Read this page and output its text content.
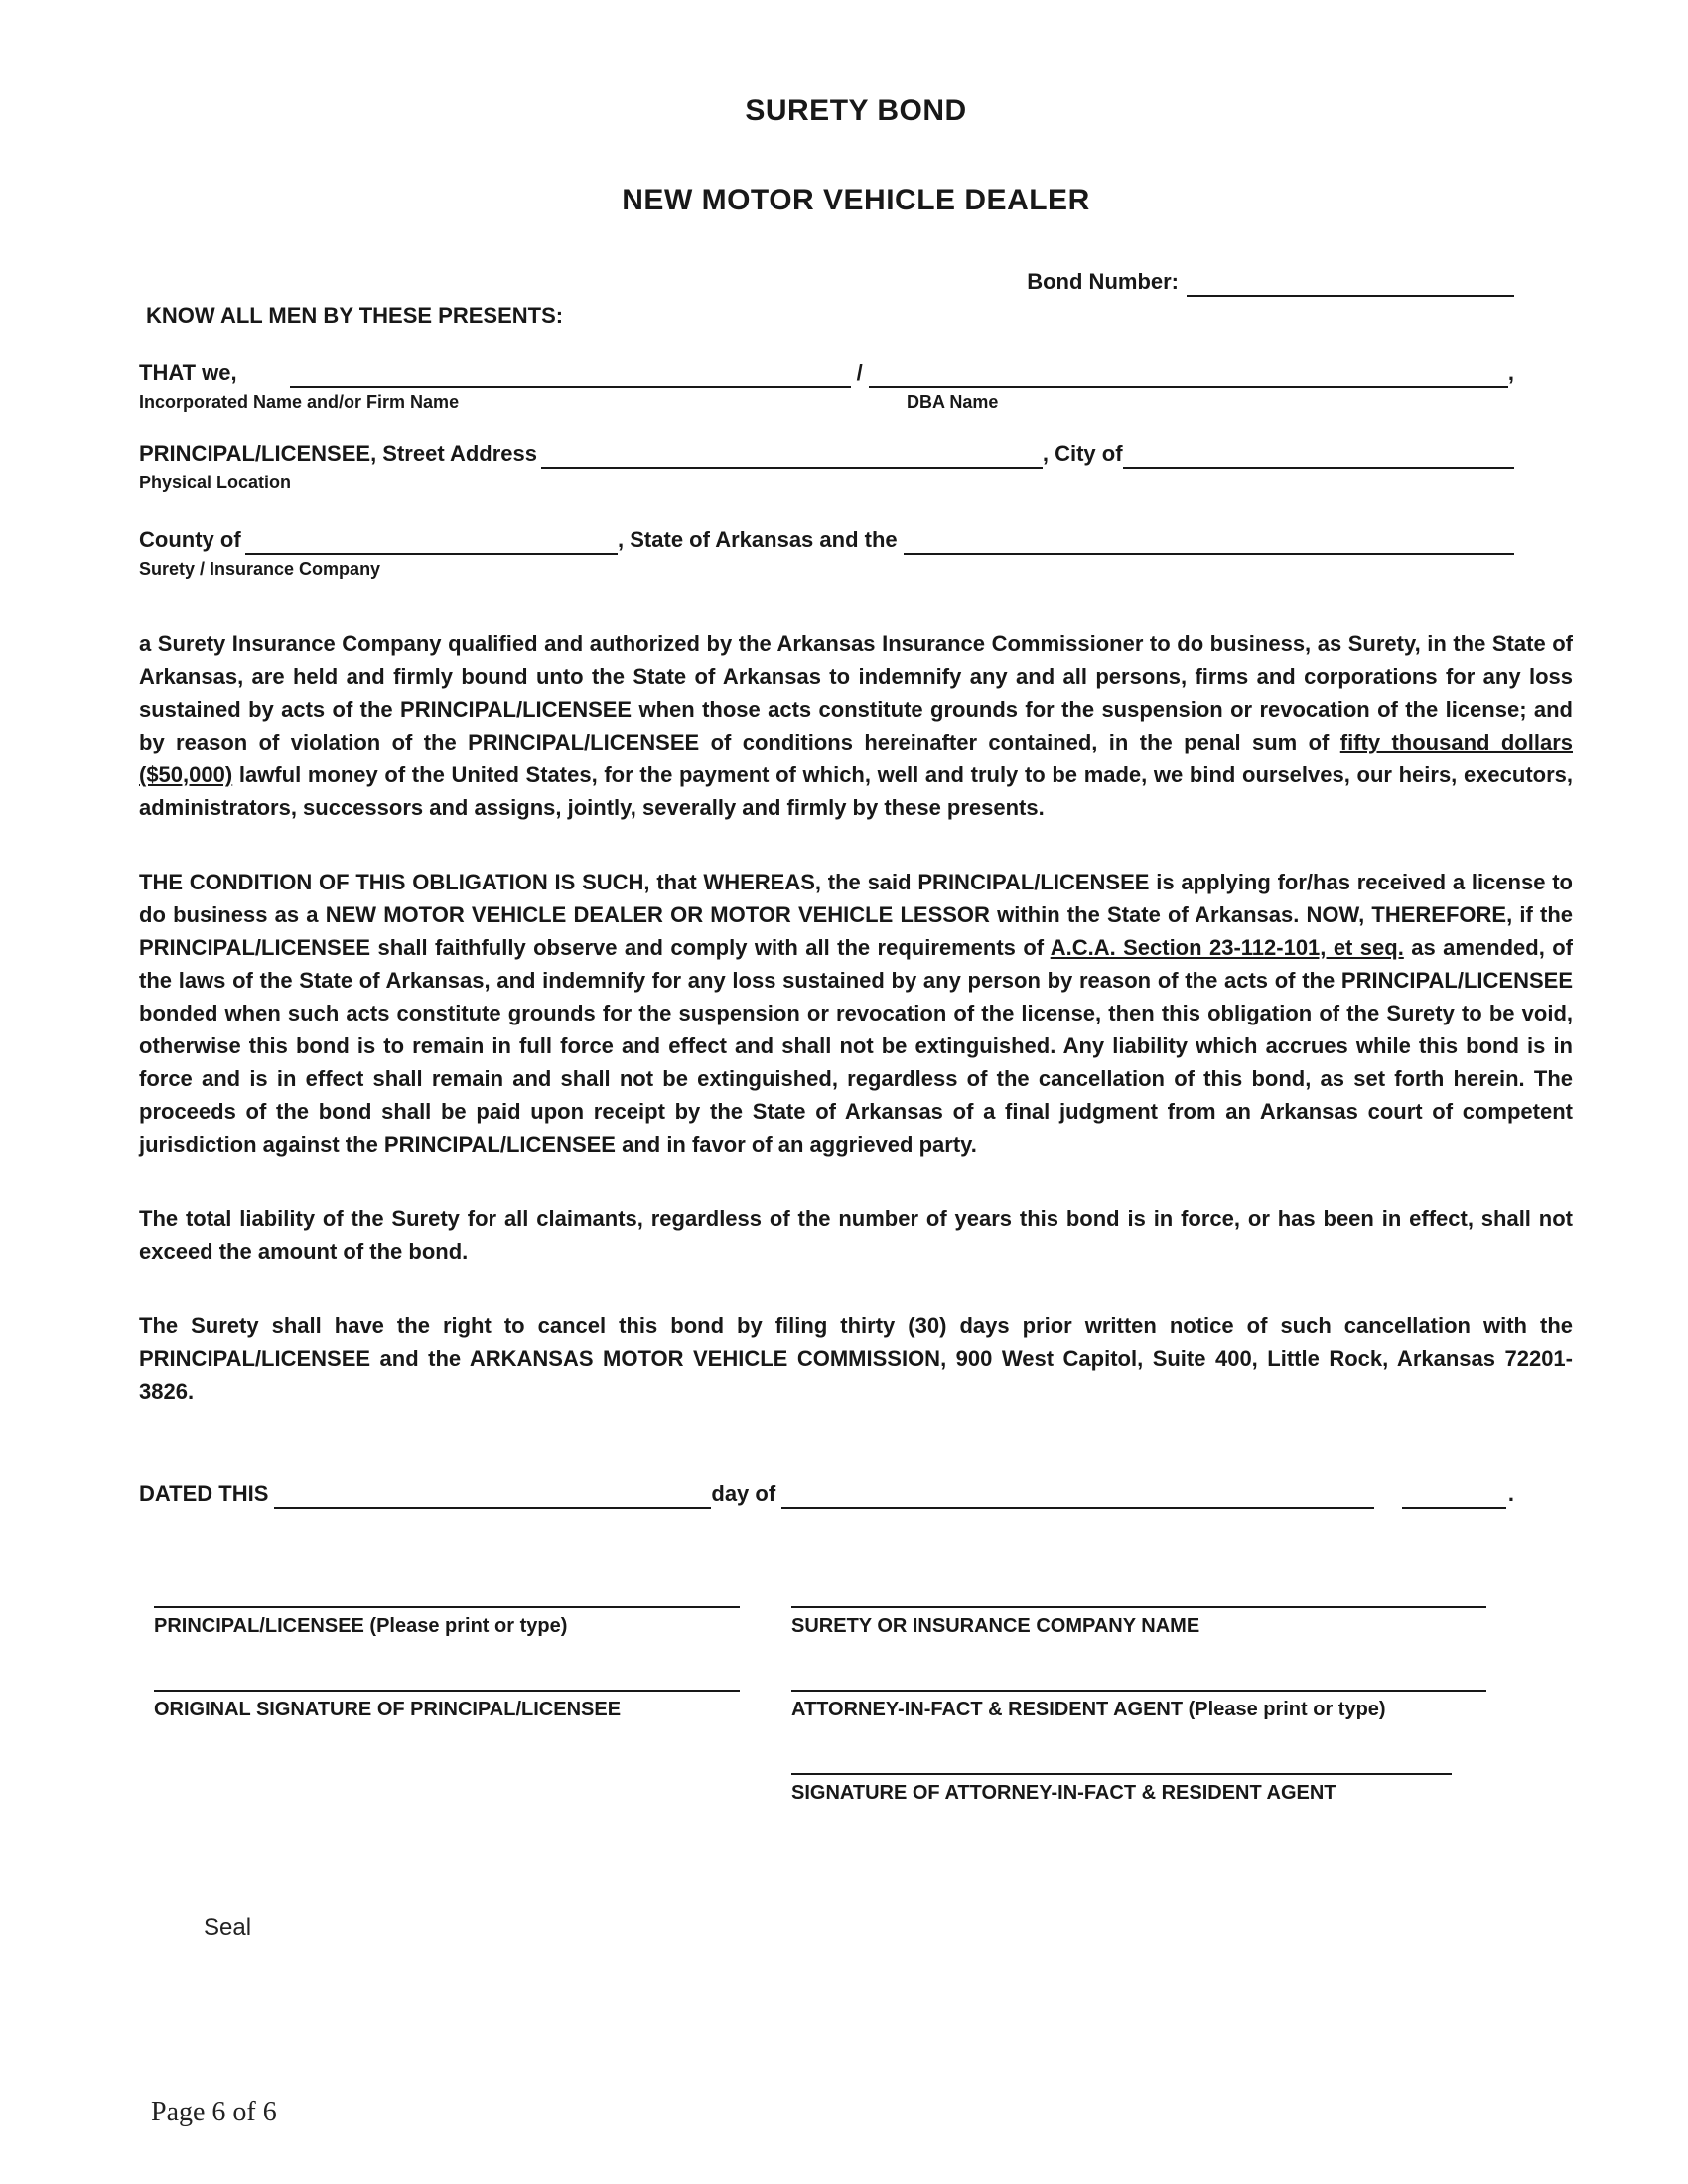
SURETY BOND
NEW MOTOR VEHICLE DEALER
Bond Number:
KNOW ALL MEN BY THESE PRESENTS:
THAT we,	/	,
Incorporated Name and/or Firm Name	DBA Name
PRINCIPAL/LICENSEE, Street Address	, City of
Physical Location
County of	, State of Arkansas and the
Surety / Insurance Company

a Surety Insurance Company qualified and authorized by the Arkansas Insurance Commissioner to do business, as Surety, in the State of Arkansas, are held and firmly bound unto the State of Arkansas to indemnify any and all persons, firms and corporations for any loss sustained by acts of the PRINCIPAL/LICENSEE when those acts constitute grounds for the suspension or revocation of the license; and by reason of violation of the PRINCIPAL/LICENSEE of conditions hereinafter contained, in the penal sum of fifty thousand dollars ($50,000) lawful money of the United States, for the payment of which, well and truly to be made, we bind ourselves, our heirs, executors, administrators, successors and assigns, jointly, severally and firmly by these presents.

THE CONDITION OF THIS OBLIGATION IS SUCH, that WHEREAS, the said PRINCIPAL/LICENSEE is applying for/has received a license to do business as a NEW MOTOR VEHICLE DEALER OR MOTOR VEHICLE LESSOR within the State of Arkansas. NOW, THEREFORE, if the PRINCIPAL/LICENSEE shall faithfully observe and comply with all the requirements of A.C.A. Section 23-112-101, et seq. as amended, of the laws of the State of Arkansas, and indemnify for any loss sustained by any person by reason of the acts of the PRINCIPAL/LICENSEE bonded when such acts constitute grounds for the suspension or revocation of the license, then this obligation of the Surety to be void, otherwise this bond is to remain in full force and effect and shall not be extinguished. Any liability which accrues while this bond is in force and is in effect shall remain and shall not be extinguished, regardless of the cancellation of this bond, as set forth herein. The proceeds of the bond shall be paid upon receipt by the State of Arkansas of a final judgment from an Arkansas court of competent jurisdiction against the PRINCIPAL/LICENSEE and in favor of an aggrieved party.

The total liability of the Surety for all claimants, regardless of the number of years this bond is in force, or has been in effect, shall not exceed the amount of the bond.

The Surety shall have the right to cancel this bond by filing thirty (30) days prior written notice of such cancellation with the PRINCIPAL/LICENSEE and the ARKANSAS MOTOR VEHICLE COMMISSION, 900 West Capitol, Suite 400, Little Rock, Arkansas 72201-3826.

DATED THIS	day of	.
PRINCIPAL/LICENSEE (Please print or type)
ORIGINAL SIGNATURE OF PRINCIPAL/LICENSEE
SURETY OR INSURANCE COMPANY NAME
ATTORNEY-IN-FACT & RESIDENT AGENT (Please print or type)
SIGNATURE OF ATTORNEY-IN-FACT & RESIDENT AGENT
Seal
Page 6 of 6
